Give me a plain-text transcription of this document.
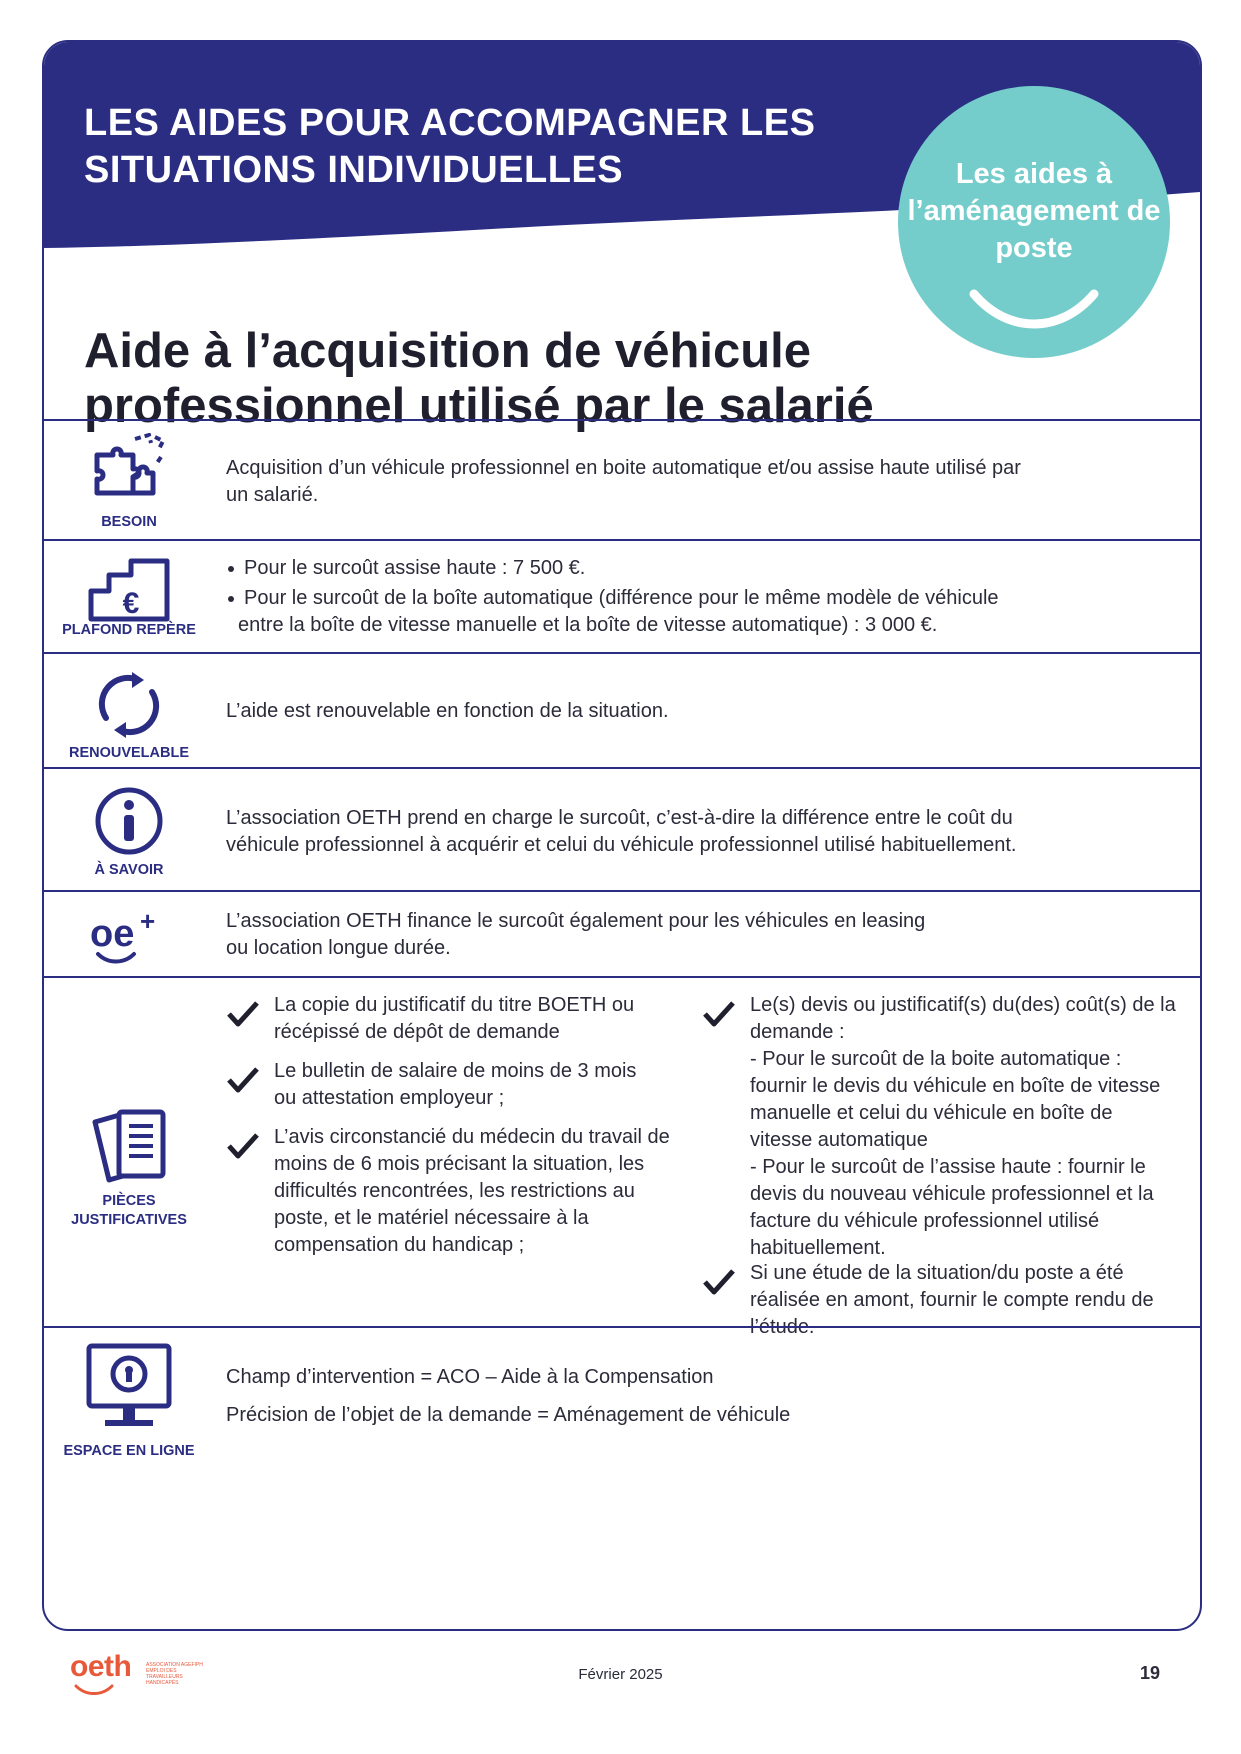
LES AIDES POUR ACCOMPAGNER LES SITUATIONS INDIVIDUELLES	Les aides à l’aménagement de poste
Aide à l’acquisition de véhicule professionnel utilisé par le salarié
BESOIN
Acquisition d’un véhicule professionnel en boite automatique et/ou assise haute utilisé par un salarié.
€
PLAFOND REPÈRE
Pour le surcoût assise haute : 7 500 €.
Pour le surcoût de la boîte automatique (différence pour le même modèle de véhicule entre la boîte de vitesse manuelle et la boîte de vitesse automatique) : 3 000 €.
RENOUVELABLE
L’aide est renouvelable en fonction de la situation.
À SAVOIR
L’association OETH prend en charge le surcoût, c’est-à-dire la différence entre le coût du véhicule professionnel à acquérir et celui du véhicule professionnel utilisé habituellement.
oe +	L’association OETH finance le surcoût également pour les véhicules en leasing ou location longue durée.
PIÈCES JUSTIFICATIVES
La copie du justificatif du titre BOETH ou récépissé de dépôt de demande
Le bulletin de salaire de moins de 3 mois ou attestation employeur ;
L’avis circonstancié du médecin du travail de moins de 6 mois précisant la situation, les difficultés rencontrées, les restrictions au poste, et le matériel nécessaire à la compensation du handicap ;
Le(s) devis ou justificatif(s) du(des) coût(s) de la demande :
- Pour le surcoût de la boite automatique : fournir le devis du véhicule en boîte de vitesse manuelle et celui du véhicule en boîte de vitesse automatique
- Pour le surcoût de l’assise haute : fournir le devis du nouveau véhicule professionnel et la facture du véhicule professionnel utilisé habituellement.
Si une étude de la situation/du poste a été réalisée en amont, fournir le compte rendu de l’étude.
ESPACE EN LIGNE
Champ d’intervention = ACO – Aide à la Compensation
Précision de l’objet de la demande = Aménagement de véhicule
oeth	ASSOCIATION AGEFIPH EMPLOI DES TRAVAILLEURS HANDICAPÉS	Février 2025	19
